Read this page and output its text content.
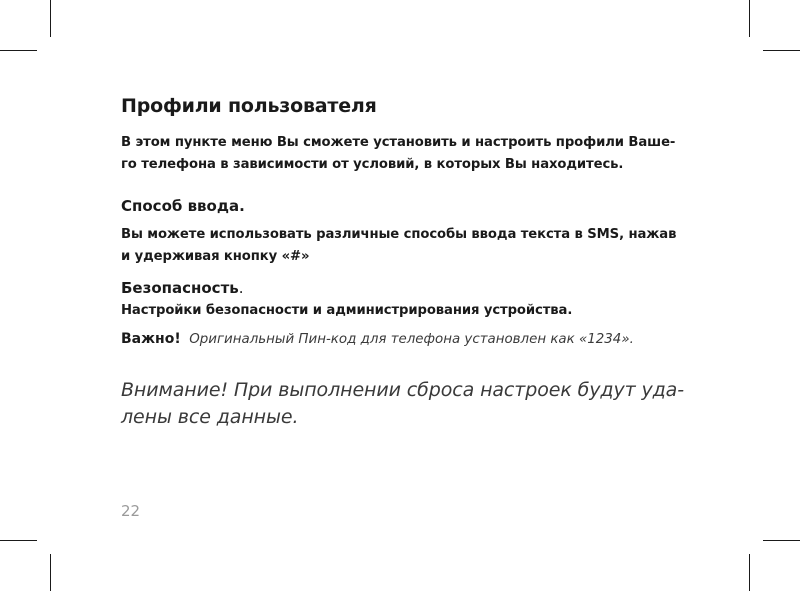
Профили пользователя

В этом пункте меню Вы сможете установить и настроить профили Ваше-

го телефона в зависимости от условий, в которых Вы находитесь.

Способ ввода.

Вы можете использовать различные способы ввода текста в SMS, нажав

и удерживая кнопку «#»

Безопасность.

Настройки безопасности и администрирования устройства.

Важно! Оригинальный Пин-код для телефона установлен как «1234».

Внимание! При выполнении сброса настроек будут уда-

лены все данные.

22
